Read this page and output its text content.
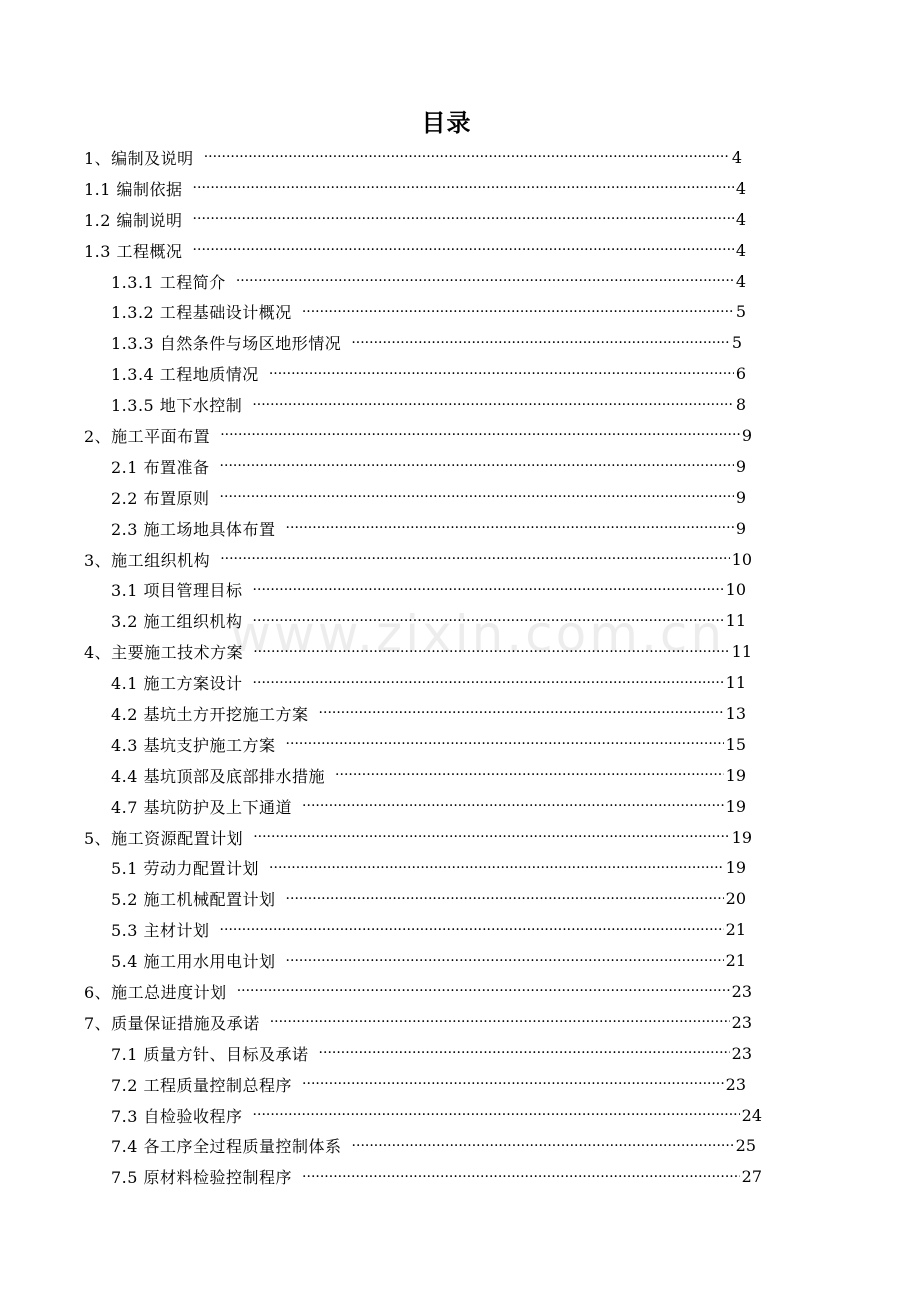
目录
1、编制及说明 ·····	4
1.1 编制依据 ·····	4
1.2 编制说明 ·····	4
1.3 工程概况 ·····	4
1.3.1 工程简介 ·····	4
1.3.2 工程基础设计概况 ·····	5
1.3.3 自然条件与场区地形情况 ·····	5
1.3.4 工程地质情况 ·····	6
1.3.5 地下水控制 ·····	8
2、施工平面布置 ·····	9
2.1 布置准备 ·····	9
2.2 布置原则 ·····	9
2.3 施工场地具体布置 ·····	9
3、施工组织机构 ·····	10
3.1 项目管理目标 ·····	10
3.2 施工组织机构 ·····	11
4、主要施工技术方案 ·····	11
4.1 施工方案设计 ·····	11
4.2 基坑土方开挖施工方案 ·····	13
4.3 基坑支护施工方案 ·····	15
4.4 基坑顶部及底部排水措施 ·····	19
4.7 基坑防护及上下通道 ·····	19
5、施工资源配置计划 ·····	19
5.1 劳动力配置计划 ·····	19
5.2 施工机械配置计划 ·····	20
5.3 主材计划 ·····	21
5.4 施工用水用电计划 ·····	21
6、施工总进度计划 ·····	23
7、质量保证措施及承诺 ·····	23
7.1 质量方针、目标及承诺 ·····	23
7.2 工程质量控制总程序 ·····	23
7.3 自检验收程序 ·····	24
7.4 各工序全过程质量控制体系 ·····	25
7.5 原材料检验控制程序 ·····	27
www.zixin.com.cn
